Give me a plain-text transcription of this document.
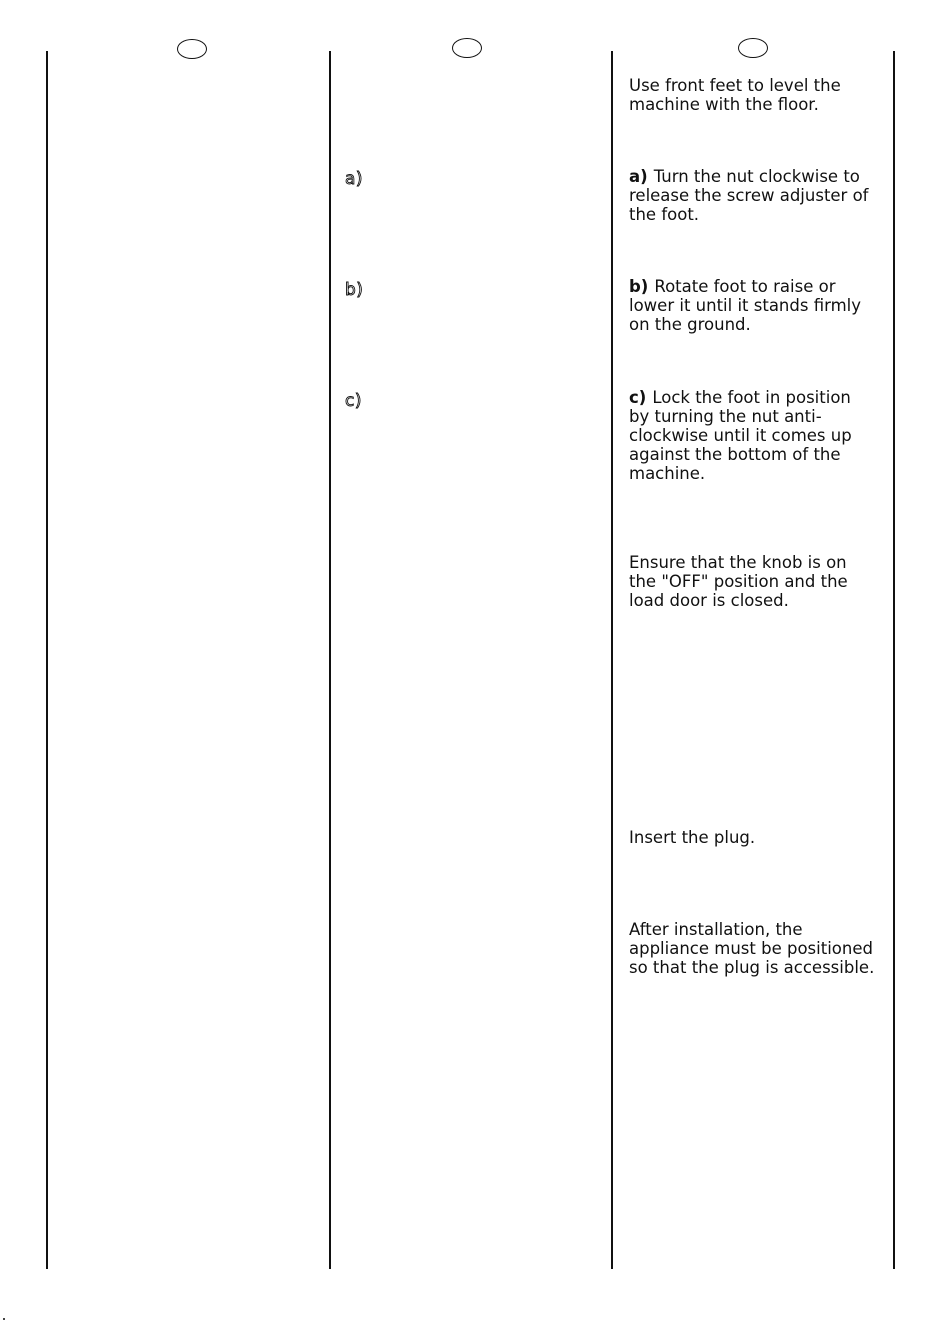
a)
b)
c)

Use front feet to level the machine with the floor.

a) Turn the nut clockwise to release the screw adjuster of the foot.

b) Rotate foot to raise or lower it until it stands firmly on the ground.

c) Lock the foot in position by turning the nut anti-clockwise until it comes up against the bottom of the machine.

Ensure that the knob is on the "OFF" position and the load door is closed.

Insert the plug.

After installation, the appliance must be positioned so that the plug is accessible.
